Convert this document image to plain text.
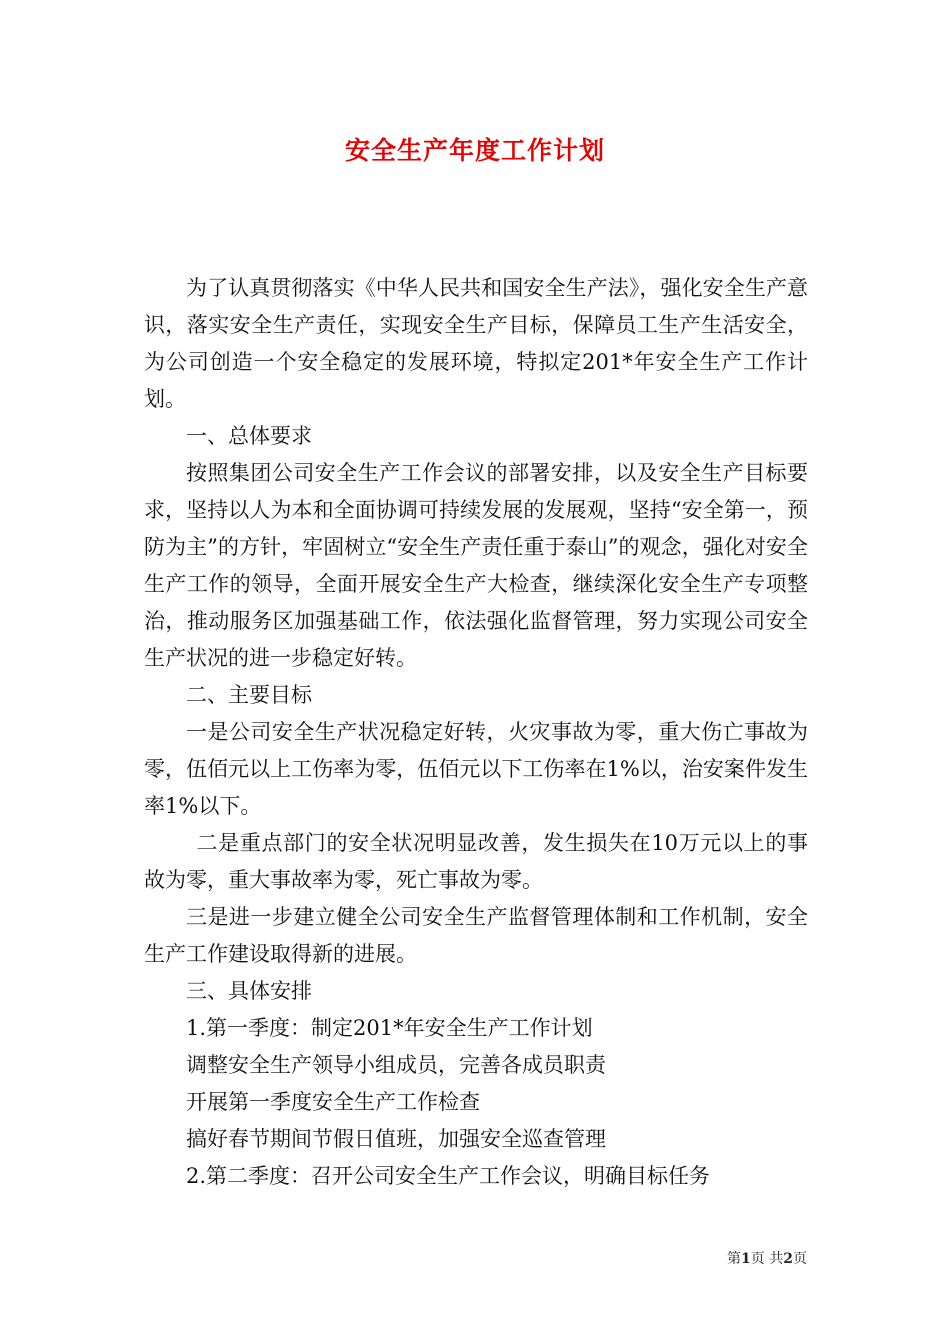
安全生产年度工作计划

为了认真贯彻落实《中华人民共和国安全生产法》，强化安全生产意识，落实安全生产责任，实现安全生产目标，保障员工生产生活安全，为公司创造一个安全稳定的发展环境，特拟定201*年安全生产工作计划。

一、总体要求

按照集团公司安全生产工作会议的部署安排，以及安全生产目标要求，坚持以人为本和全面协调可持续发展的发展观，坚持“安全第一，预防为主”的方针，牢固树立“安全生产责任重于泰山”的观念，强化对安全生产工作的领导，全面开展安全生产大检查，继续深化安全生产专项整治，推动服务区加强基础工作，依法强化监督管理，努力实现公司安全生产状况的进一步稳定好转。

二、主要目标

一是公司安全生产状况稳定好转，火灾事故为零，重大伤亡事故为零，伍佰元以上工伤率为零，伍佰元以下工伤率在1%以，治安案件发生率1%以下。

二是重点部门的安全状况明显改善，发生损失在10万元以上的事故为零，重大事故率为零，死亡事故为零。

三是进一步建立健全公司安全生产监督管理体制和工作机制，安全生产工作建设取得新的进展。

三、具体安排

1.第一季度：制定201*年安全生产工作计划

调整安全生产领导小组成员，完善各成员职责

开展第一季度安全生产工作检查

搞好春节期间节假日值班，加强安全巡查管理

2.第二季度：召开公司安全生产工作会议，明确目标任务

第1页 共2页
